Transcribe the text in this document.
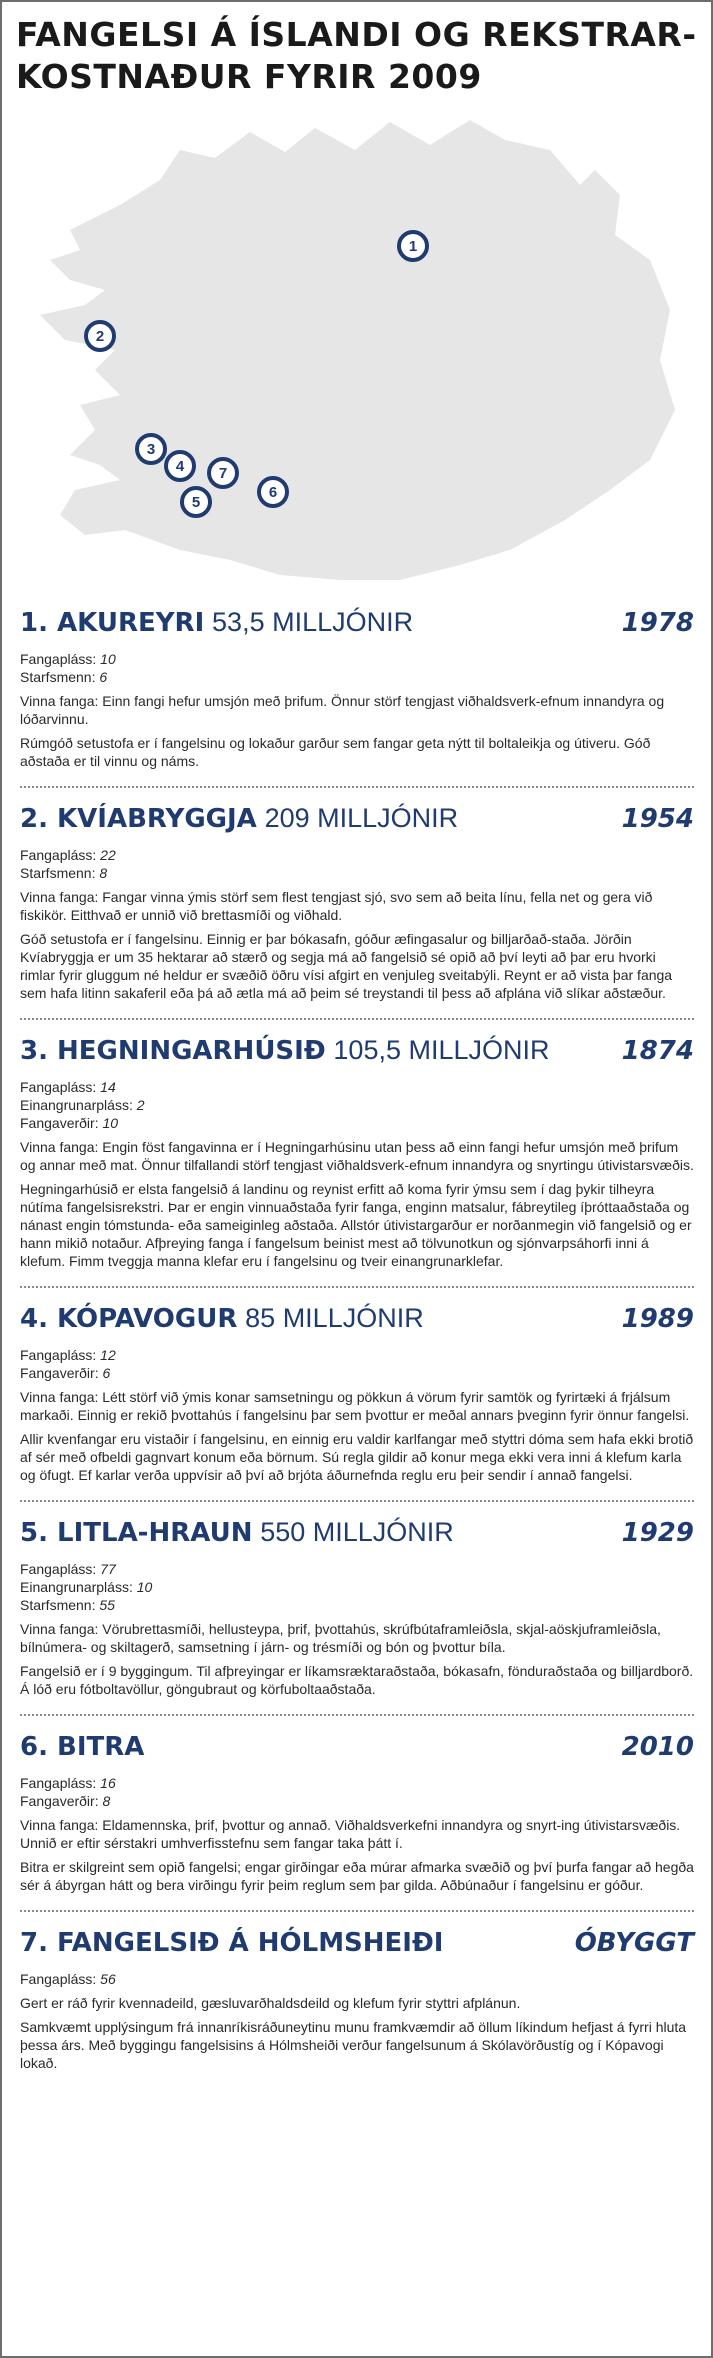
FANGELSI Á ÍSLANDI OG REKSTRAR-
KOSTNAÐUR FYRIR 2009
1
2
3
4
5
7
6
1. AKUREYRI 53,5 MILLJÓNIR	1978
Fangapláss: 10
Starfsmenn: 6

Vinna fanga: Einn fangi hefur umsjón með þrifum. Önnur störf tengjast viðhaldsverk-efnum innandyra og lóðarvinnu.

Rúmgóð setustofa er í fangelsinu og lokaður garður sem fangar geta nýtt til boltaleikja og útiveru. Góð aðstaða er til vinnu og náms.

2. KVÍABRYGGJA 209 MILLJÓNIR	1954
Fangapláss: 22
Starfsmenn: 8

Vinna fanga: Fangar vinna ýmis störf sem flest tengjast sjó, svo sem að beita línu, fella net og gera við fiskikör. Eitthvað er unnið við brettasmíði og viðhald.

Góð setustofa er í fangelsinu. Einnig er þar bókasafn, góður æfingasalur og billjarðað-staða. Jörðin Kvíabryggja er um 35 hektarar að stærð og segja má að fangelsið sé opið að því leyti að þar eru hvorki rimlar fyrir gluggum né heldur er svæðið öðru vísi afgirt en venjuleg sveitabýli. Reynt er að vista þar fanga sem hafa litinn sakaferil eða þá að ætla má að þeim sé treystandi til þess að afplána við slíkar aðstæður.

3. HEGNINGARHÚSIÐ 105,5 MILLJÓNIR	1874
Fangapláss: 14
Einangrunarpláss: 2
Fangaverðir: 10

Vinna fanga: Engin föst fangavinna er í Hegningarhúsinu utan þess að einn fangi hefur umsjón með þrifum og annar með mat. Önnur tilfallandi störf tengjast viðhaldsverk-efnum innandyra og snyrtingu útivistarsvæðis.

Hegningarhúsið er elsta fangelsið á landinu og reynist erfitt að koma fyrir ýmsu sem í dag þykir tilheyra nútíma fangelsisrekstri. Þar er engin vinnuaðstaða fyrir fanga, enginn matsalur, fábreytileg íþróttaaðstaða og nánast engin tómstunda- eða sameiginleg aðstaða. Allstór útivistargarður er norðanmegin við fangelsið og er hann mikið notaður. Afþreying fanga í fangelsum beinist mest að tölvunotkun og sjónvarpsáhorfi inni á klefum. Fimm tveggja manna klefar eru í fangelsinu og tveir einangrunarklefar.

4. KÓPAVOGUR 85 MILLJÓNIR	1989
Fangapláss: 12
Fangaverðir: 6

Vinna fanga: Létt störf við ýmis konar samsetningu og pökkun á vörum fyrir samtök og fyrirtæki á frjálsum markaði. Einnig er rekið þvottahús í fangelsinu þar sem þvottur er meðal annars þveginn fyrir önnur fangelsi.

Allir kvenfangar eru vistaðir í fangelsinu, en einnig eru valdir karlfangar með styttri dóma sem hafa ekki brotið af sér með ofbeldi gagnvart konum eða börnum. Sú regla gildir að konur mega ekki vera inni á klefum karla og öfugt. Ef karlar verða uppvísir að því að brjóta áðurnefnda reglu eru þeir sendir í annað fangelsi.

5. LITLA-HRAUN 550 MILLJÓNIR	1929
Fangapláss: 77
Einangrunarpláss: 10
Starfsmenn: 55

Vinna fanga: Vörubrettasmíði, hellusteypa, þrif, þvottahús, skrúfbútaframleiðsla, skjal-aöskjuframleiðsla, bílnúmera- og skiltagerð, samsetning í járn- og trésmíði og bón og þvottur bíla.

Fangelsið er í 9 byggingum. Til afþreyingar er líkamsræktaraðstaða, bókasafn, fönduraðstaða og billjardborð. Á lóð eru fótboltavöllur, göngubraut og körfuboltaaðstaða.

6. BITRA	2010
Fangapláss: 16
Fangaverðir: 8

Vinna fanga: Eldamennska, þrif, þvottur og annað. Viðhaldsverkefni innandyra og snyrt-ing útivistarsvæðis. Unnið er eftir sérstakri umhverfisstefnu sem fangar taka þátt í.

Bitra er skilgreint sem opið fangelsi; engar girðingar eða múrar afmarka svæðið og því þurfa fangar að hegða sér á ábyrgan hátt og bera virðingu fyrir þeim reglum sem þar gilda. Aðbúnaður í fangelsinu er góður.

7. FANGELSIÐ Á HÓLMSHEIÐI	ÓBYGGT
Fangapláss: 56

Gert er ráð fyrir kvennadeild, gæsluvarðhaldsdeild og klefum fyrir styttri afplánun.

Samkvæmt upplýsingum frá innanríkisráðuneytinu munu framkvæmdir að öllum líkindum hefjast á fyrri hluta þessa árs. Með byggingu fangelsisins á Hólmsheiði verður fangelsunum á Skólavörðustíg og í Kópavogi lokað.
